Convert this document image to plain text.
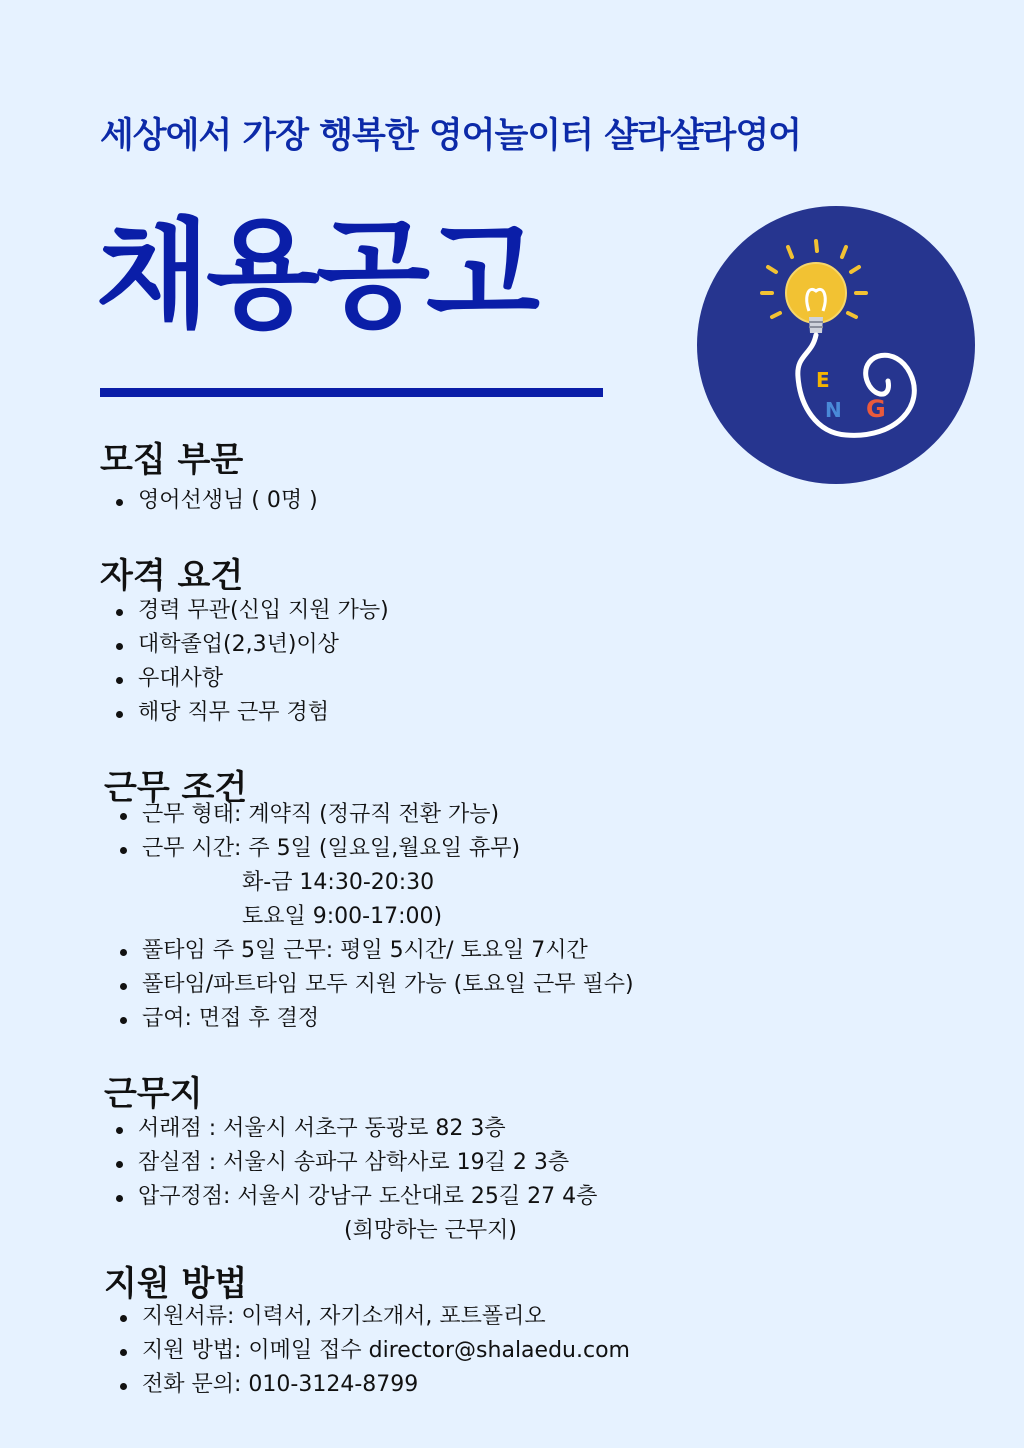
세상에서 가장 행복한 영어놀이터 샬라샬라영어
채용공고
E
N G
모집 부문
영어선생님 ( 0명 )
자격 요건
경력 무관(신입 지원 가능)
대학졸업(2,3년)이상
우대사항
해당 직무 근무 경험
근무 조건
근무 형태: 계약직 (정규직 전환 가능)
근무 시간: 주 5일 (일요일,월요일 휴무)
화-금 14:30-20:30
토요일 9:00-17:00)
풀타임 주 5일 근무: 평일 5시간/ 토요일 7시간
풀타임/파트타임 모두 지원 가능 (토요일 근무 필수)
급여: 면접 후 결정
근무지
서래점 : 서울시 서초구 동광로 82 3층
잠실점 : 서울시 송파구 삼학사로 19길 2 3층
압구정점: 서울시 강남구 도산대로 25길 27 4층
(희망하는 근무지)
지원 방법
지원서류: 이력서, 자기소개서, 포트폴리오
지원 방법: 이메일 접수 director@shalaedu.com
전화 문의: 010-3124-8799
